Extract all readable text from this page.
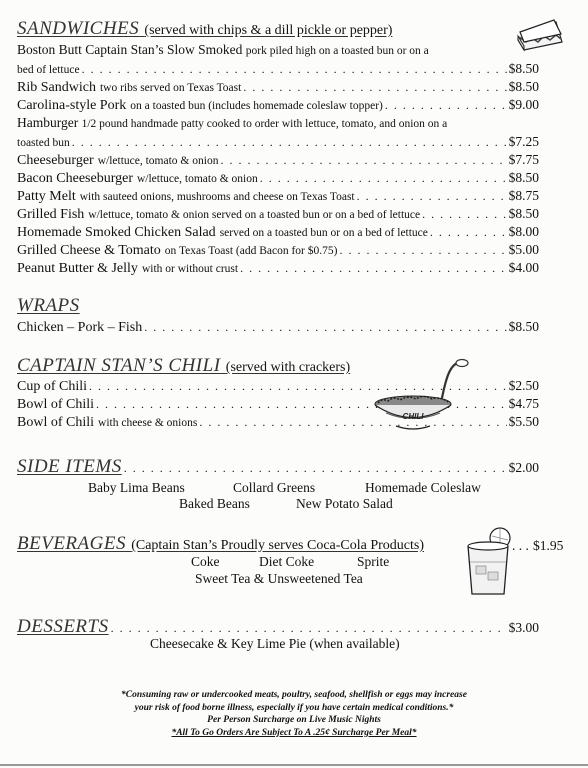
SANDWICHES (served with chips & a dill pickle or pepper)
Boston Butt Captain Stan’s Slow Smoked pork piled high on a toasted bun or on a
bed of lettuce . . .	$8.50
Rib Sandwich two ribs served on Texas Toast . . .	$8.50
Carolina-style Pork on a toasted bun (includes homemade coleslaw topper) . . .	$9.00
Hamburger 1/2 pound handmade patty cooked to order with lettuce, tomato, and onion on a
toasted bun . . .	$7.25
Cheeseburger w/lettuce, tomato & onion . . .	$7.75
Bacon Cheeseburger w/lettuce, tomato & onion . . .	$8.50
Patty Melt with sauteed onions, mushrooms and cheese on Texas Toast . . .	$8.75
Grilled Fish w/lettuce, tomato & onion served on a toasted bun or on a bed of lettuce . . .	$8.50
Homemade Smoked Chicken Salad served on a toasted bun or on a bed of lettuce . . .	$8.00
Grilled Cheese & Tomato on Texas Toast (add Bacon for $0.75) . . .	$5.00
Peanut Butter & Jelly with or without crust . . .	$4.00
WRAPS
Chicken – Pork – Fish . . .	$8.50
CAPTAIN STAN’S CHILI (served with crackers)
Cup of Chili . . .	$2.50
Bowl of Chili . . .	$4.75
Bowl of Chili with cheese & onions . . .	$5.50
CHILI
SIDE ITEMS . . .	$2.00
Baby Lima Beans	Collard Greens	Homemade Coleslaw
Baked Beans	New Potato Salad
BEVERAGES (Captain Stan’s Proudly serves Coca-Cola Products)	. . . $1.95
Coke	Diet Coke	Sprite
Sweet Tea & Unsweetened Tea
DESSERTS . . .	$3.00
Cheesecake & Key Lime Pie (when available)
*Consuming raw or undercooked meats, poultry, seafood, shellfish or eggs may increase
your risk of food borne illness, especially if you have certain medical conditions.*
Per Person Surcharge on Live Music Nights
*All To Go Orders Are Subject To A .25¢ Surcharge Per Meal*
